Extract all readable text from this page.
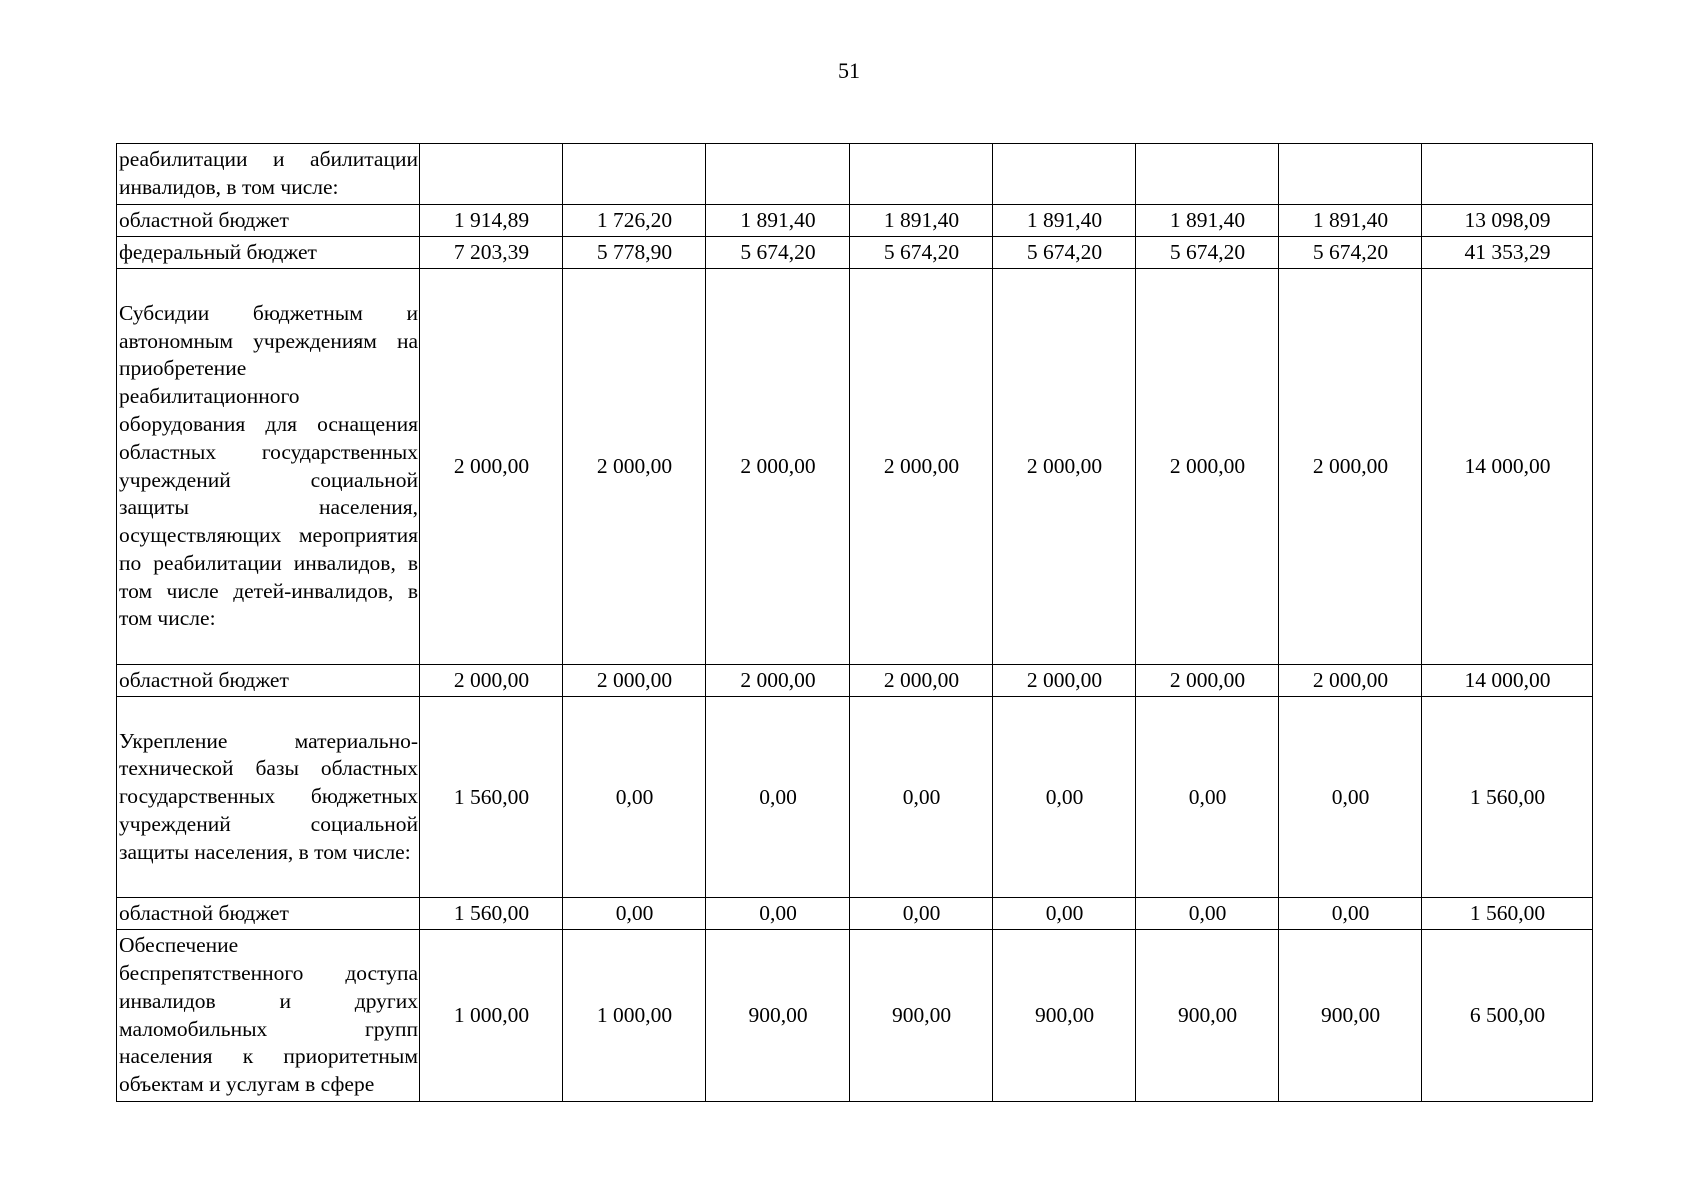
51
реабилитации и абилитации инвалидов, в том числе:								
областной бюджет	1 914,89	1 726,20	1 891,40	1 891,40	1 891,40	1 891,40	1 891,40	13 098,09
федеральный бюджет	7 203,39	5 778,90	5 674,20	5 674,20	5 674,20	5 674,20	5 674,20	41 353,29
Субсидии бюджетным и автономным учреждениям на приобретение реабилитационного оборудования для оснащения областных государственных учреждений социальной защиты населения, осуществляющих мероприятия по реабилитации инвалидов, в том числе детей-инвалидов, в том числе:	2 000,00	2 000,00	2 000,00	2 000,00	2 000,00	2 000,00	2 000,00	14 000,00
областной бюджет	2 000,00	2 000,00	2 000,00	2 000,00	2 000,00	2 000,00	2 000,00	14 000,00
Укрепление материально-технической базы областных государственных бюджетных учреждений социальной защиты населения, в том числе:	1 560,00	0,00	0,00	0,00	0,00	0,00	0,00	1 560,00
областной бюджет	1 560,00	0,00	0,00	0,00	0,00	0,00	0,00	1 560,00
Обеспечение беспрепятственного доступа инвалидов и других маломобильных групп населения к приоритетным объектам и услугам в сфере	1 000,00	1 000,00	900,00	900,00	900,00	900,00	900,00	6 500,00
